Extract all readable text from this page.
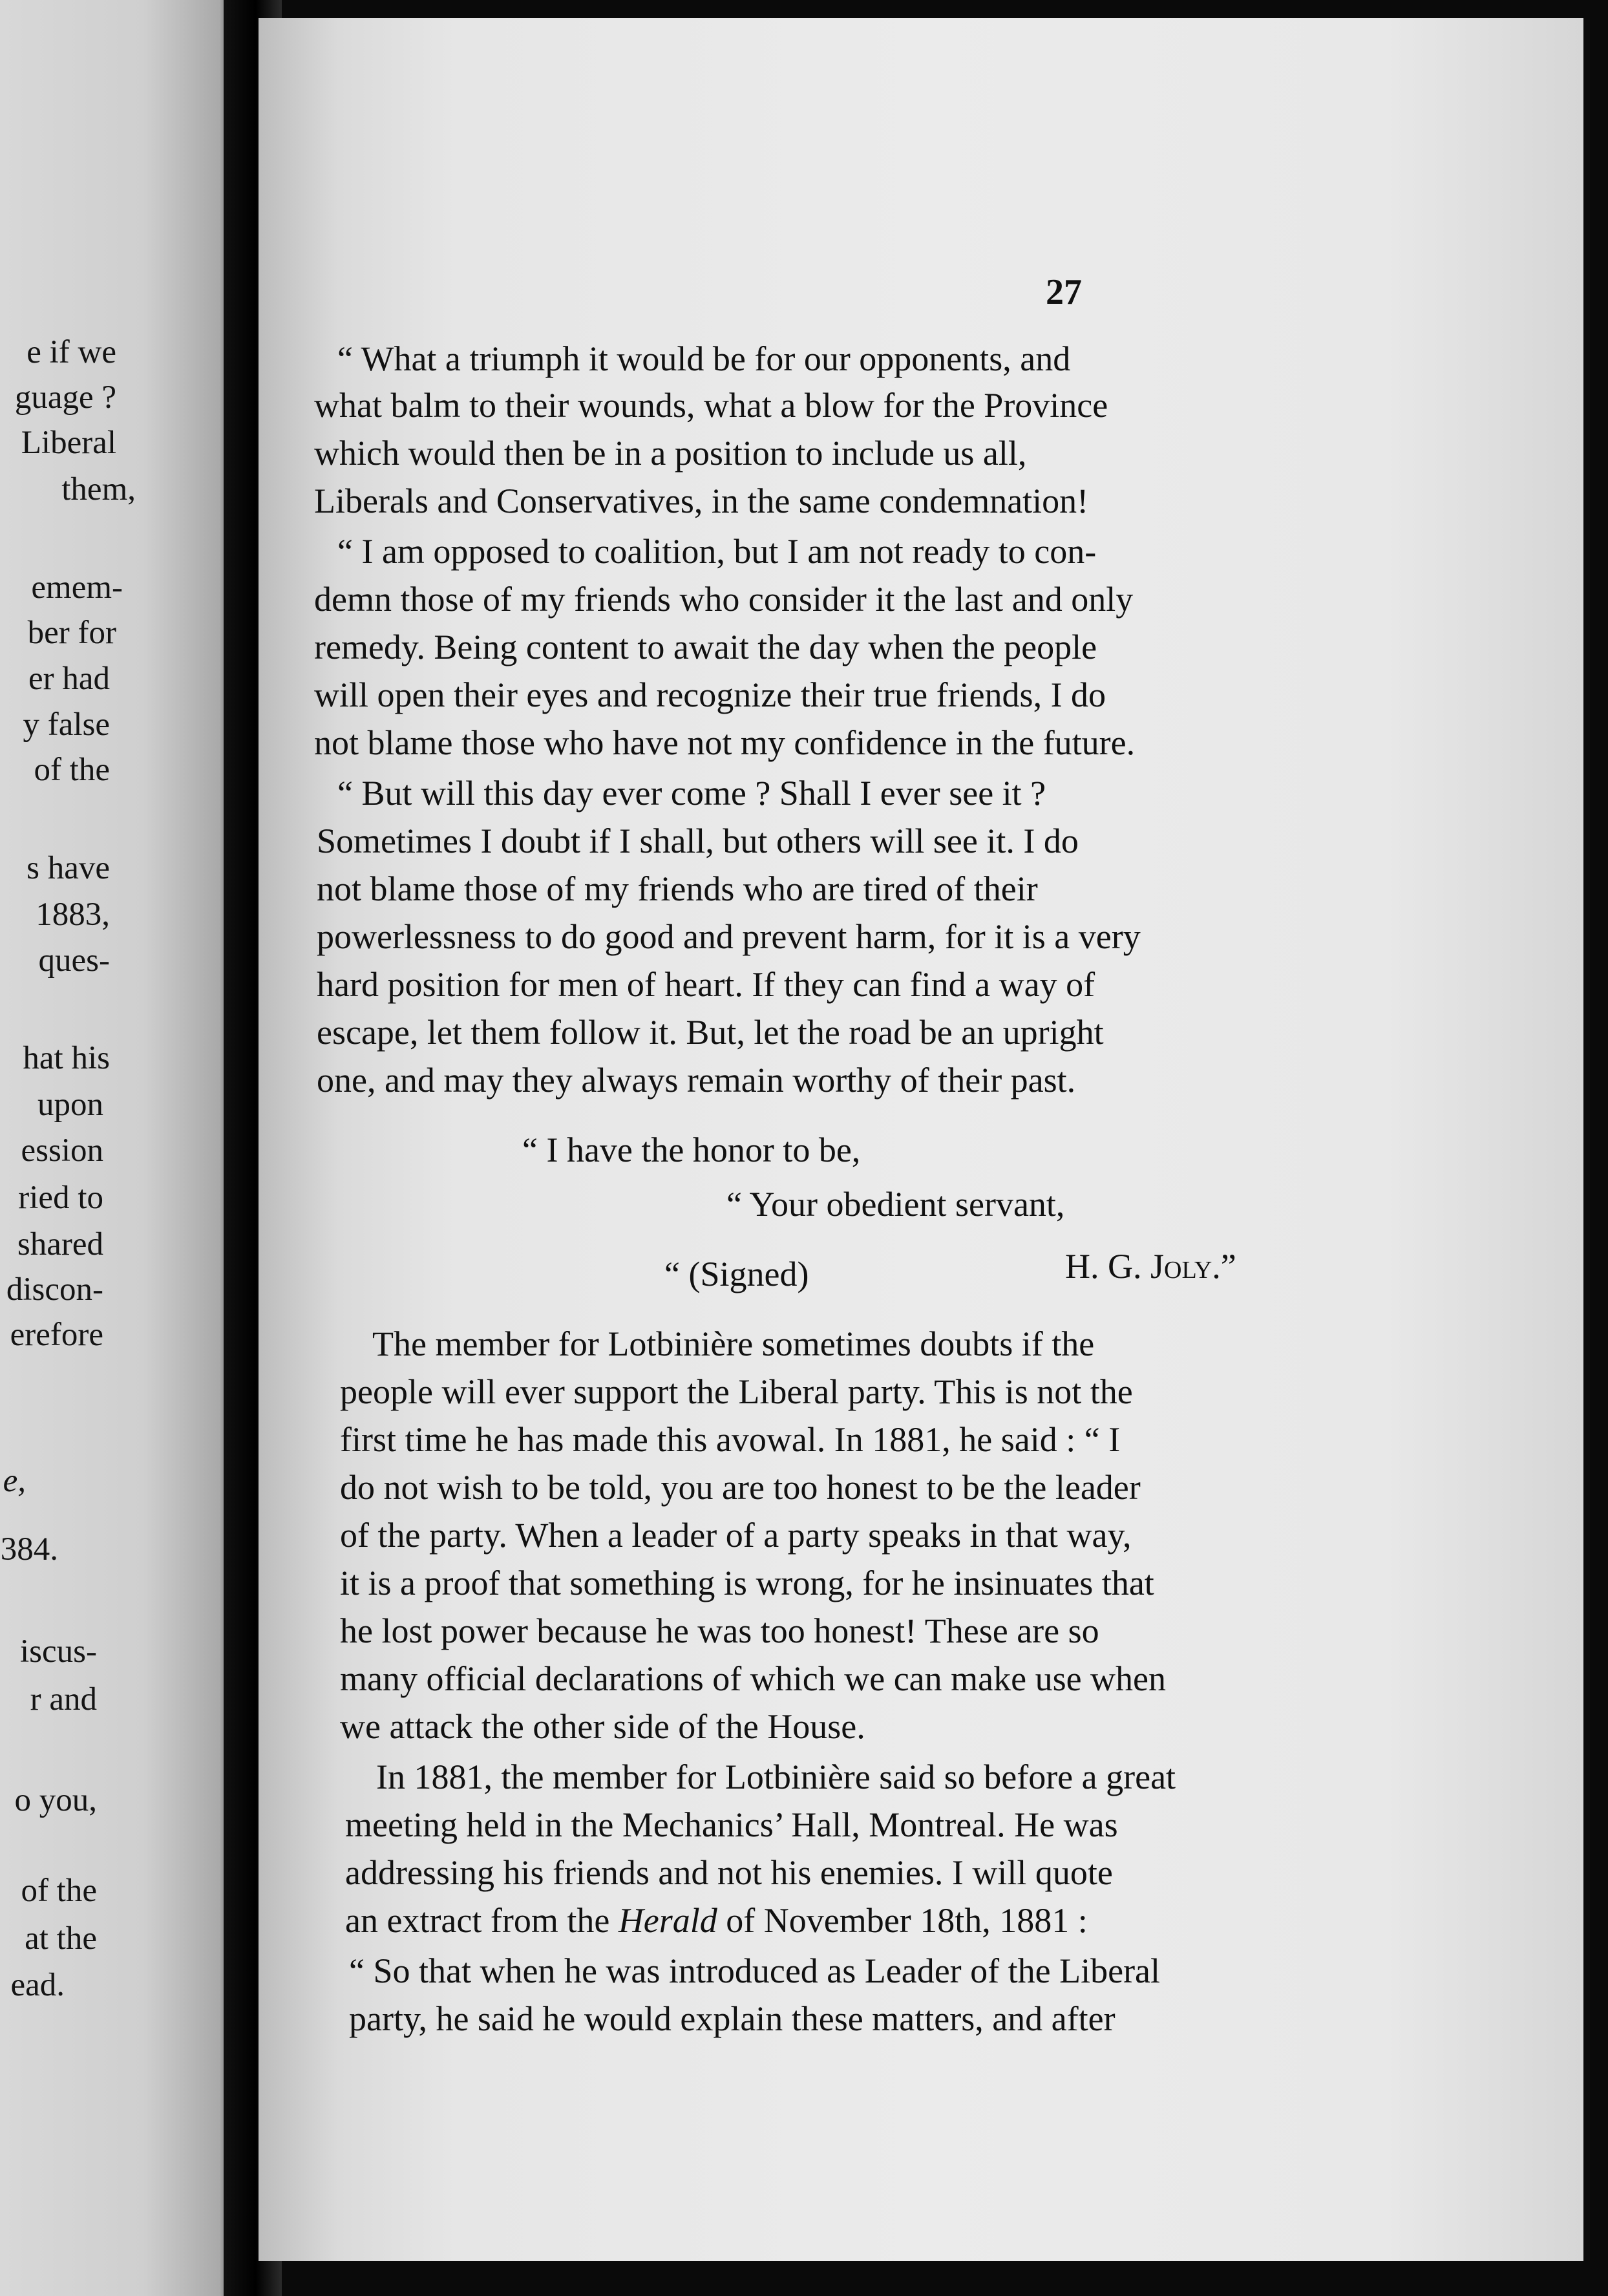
e if we
guage ?
Liberal
them,
emem-
ber for
er had
y false
of the
s have
1883,
ques-
hat his
upon
ession
ried to
shared
discon-
erefore
e,
384.
iscus-
r and
o you,
of the
at the
ead.
27
“ What a triumph it would be for our opponents, and
what balm to their wounds, what a blow for the Province
which would then be in a position to include us all,
Liberals and Conservatives, in the same condemnation!
“ I am opposed to coalition, but I am not ready to con-
demn those of my friends who consider it the last and only
remedy. Being content to await the day when the people
will open their eyes and recognize their true friends, I do
not blame those who have not my confidence in the future.
“ But will this day ever come ? Shall I ever see it ?
Sometimes I doubt if I shall, but others will see it. I do
not blame those of my friends who are tired of their
powerlessness to do good and prevent harm, for it is a very
hard position for men of heart. If they can find a way of
escape, let them follow it. But, let the road be an upright
one, and may they always remain worthy of their past.
“ I have the honor to be,
“ Your obedient servant,
“ (Signed)	H. G. Joly.”
The member for Lotbinière sometimes doubts if the
people will ever support the Liberal party. This is not the
first time he has made this avowal. In 1881, he said : “ I
do not wish to be told, you are too honest to be the leader
of the party. When a leader of a party speaks in that way,
it is a proof that something is wrong, for he insinuates that
he lost power because he was too honest! These are so
many official declarations of which we can make use when
we attack the other side of the House.
In 1881, the member for Lotbinière said so before a great
meeting held in the Mechanics’ Hall, Montreal. He was
addressing his friends and not his enemies. I will quote
an extract from the Herald of November 18th, 1881 :
“ So that when he was introduced as Leader of the Liberal
party, he said he would explain these matters, and after
